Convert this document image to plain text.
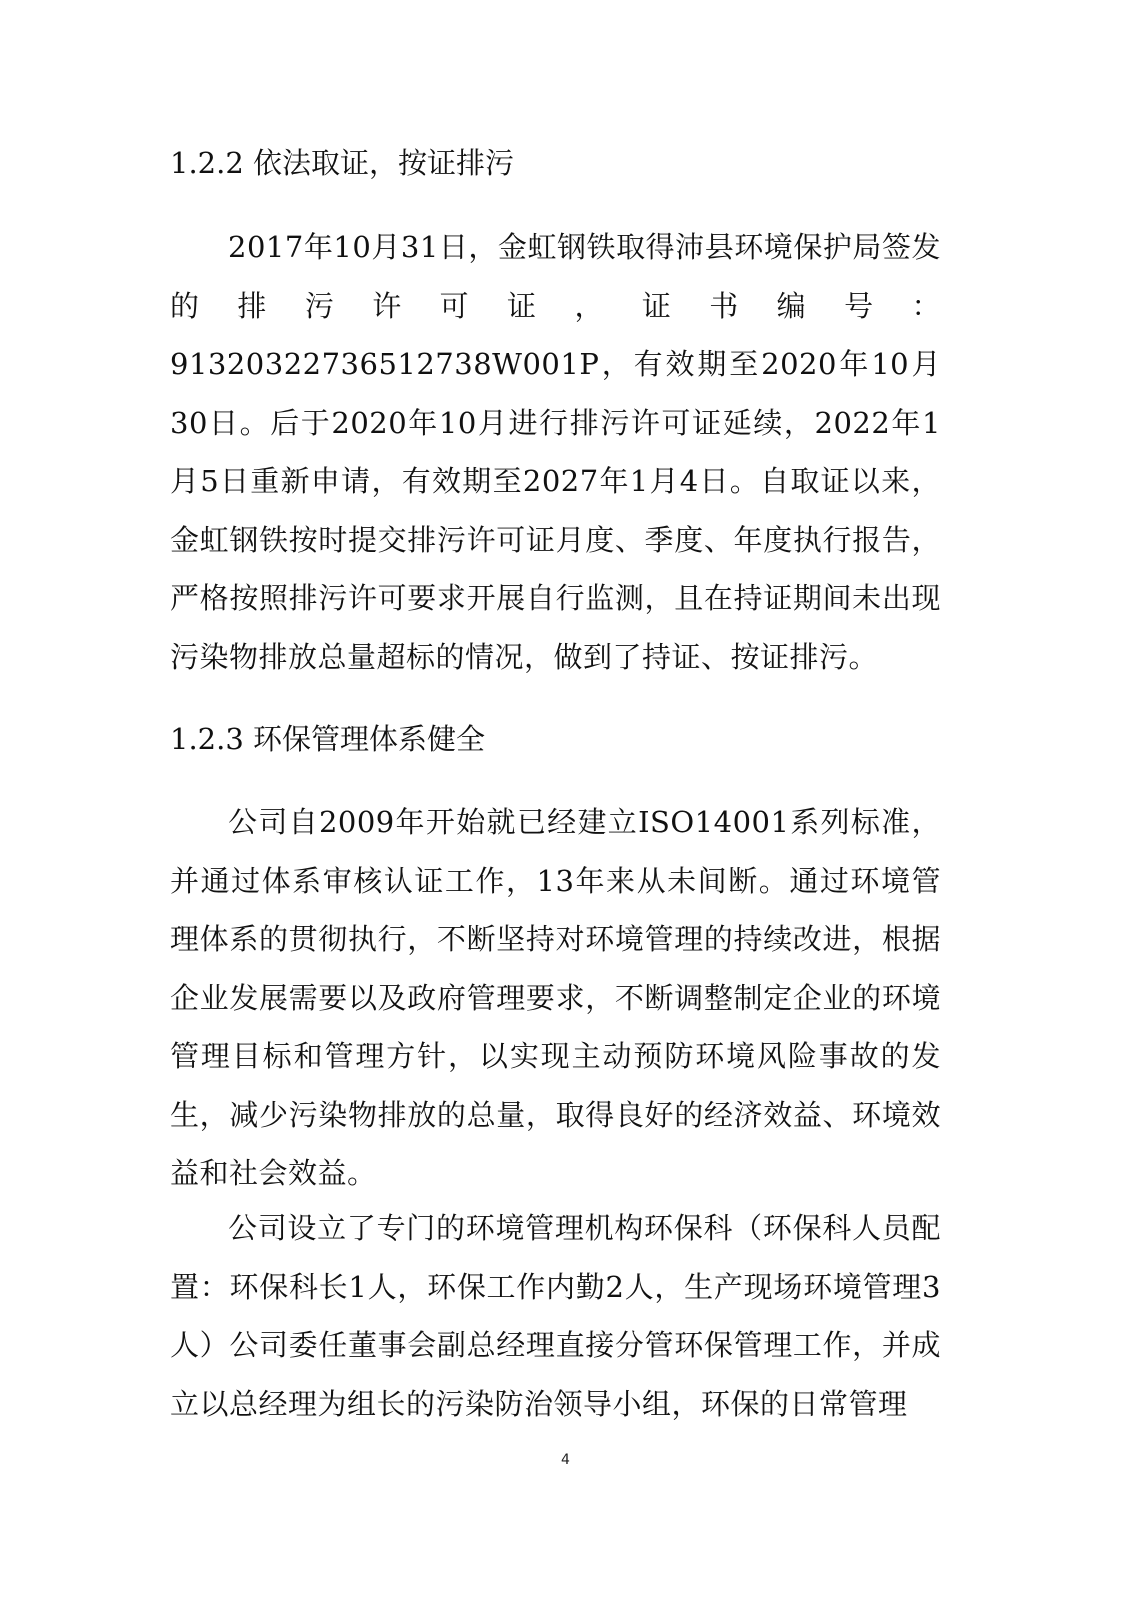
1.2.2 依法取证，按证排污

2017年10月31日，金虹钢铁取得沛县环境保护局签发的排污许可证，证书编号：91320322736512738W001P，有效期至2020年10月30日。后于2020年10月进行排污许可证延续，2022年1月5日重新申请，有效期至2027年1月4日。自取证以来，金虹钢铁按时提交排污许可证月度、季度、年度执行报告，严格按照排污许可要求开展自行监测，且在持证期间未出现污染物排放总量超标的情况，做到了持证、按证排污。

1.2.3 环保管理体系健全

公司自2009年开始就已经建立ISO14001系列标准，并通过体系审核认证工作，13年来从未间断。通过环境管理体系的贯彻执行，不断坚持对环境管理的持续改进，根据企业发展需要以及政府管理要求，不断调整制定企业的环境管理目标和管理方针，以实现主动预防环境风险事故的发生，减少污染物排放的总量，取得良好的经济效益、环境效益和社会效益。

公司设立了专门的环境管理机构环保科（环保科人员配置：环保科长1人，环保工作内勤2人，生产现场环境管理3人）公司委任董事会副总经理直接分管环保管理工作，并成立以总经理为组长的污染防治领导小组，环保的日常管理

4
